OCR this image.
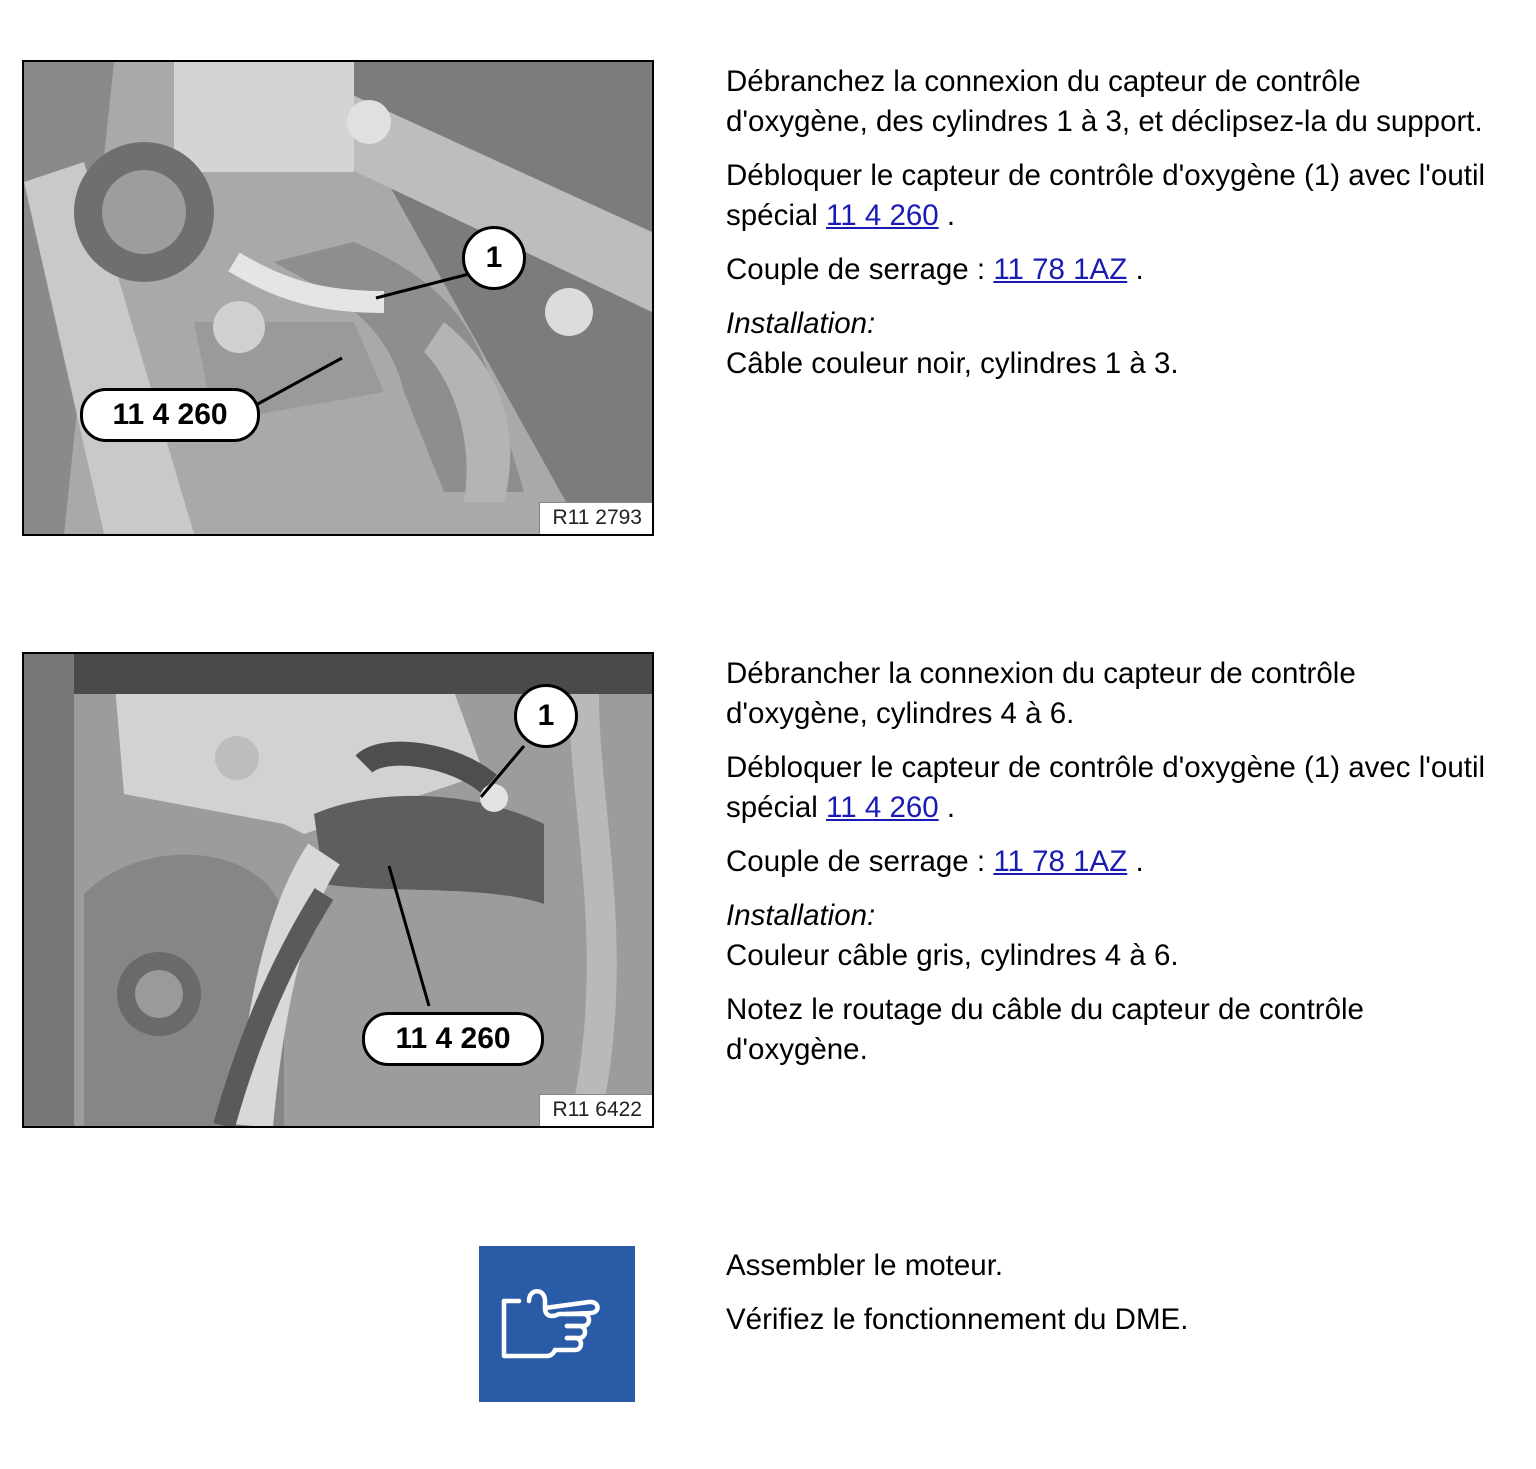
1
11 4 260
R11 2793

Débranchez la connexion du capteur de contrôle d'oxygène, des cylindres 1 à 3, et déclipsez-la du support.

Débloquer le capteur de contrôle d'oxygène (1) avec l'outil spécial 11 4 260 .

Couple de serrage : 11 78 1AZ .

Installation:
Câble couleur noir, cylindres 1 à 3.

1
11 4 260
R11 6422

Débrancher la connexion du capteur de contrôle d'oxygène, cylindres 4 à 6.

Débloquer le capteur de contrôle d'oxygène (1) avec l'outil spécial 11 4 260 .

Couple de serrage : 11 78 1AZ .

Installation:
Couleur câble gris, cylindres 4 à 6.

Notez le routage du câble du capteur de contrôle d'oxygène.

Assembler le moteur.

Vérifiez le fonctionnement du DME.
